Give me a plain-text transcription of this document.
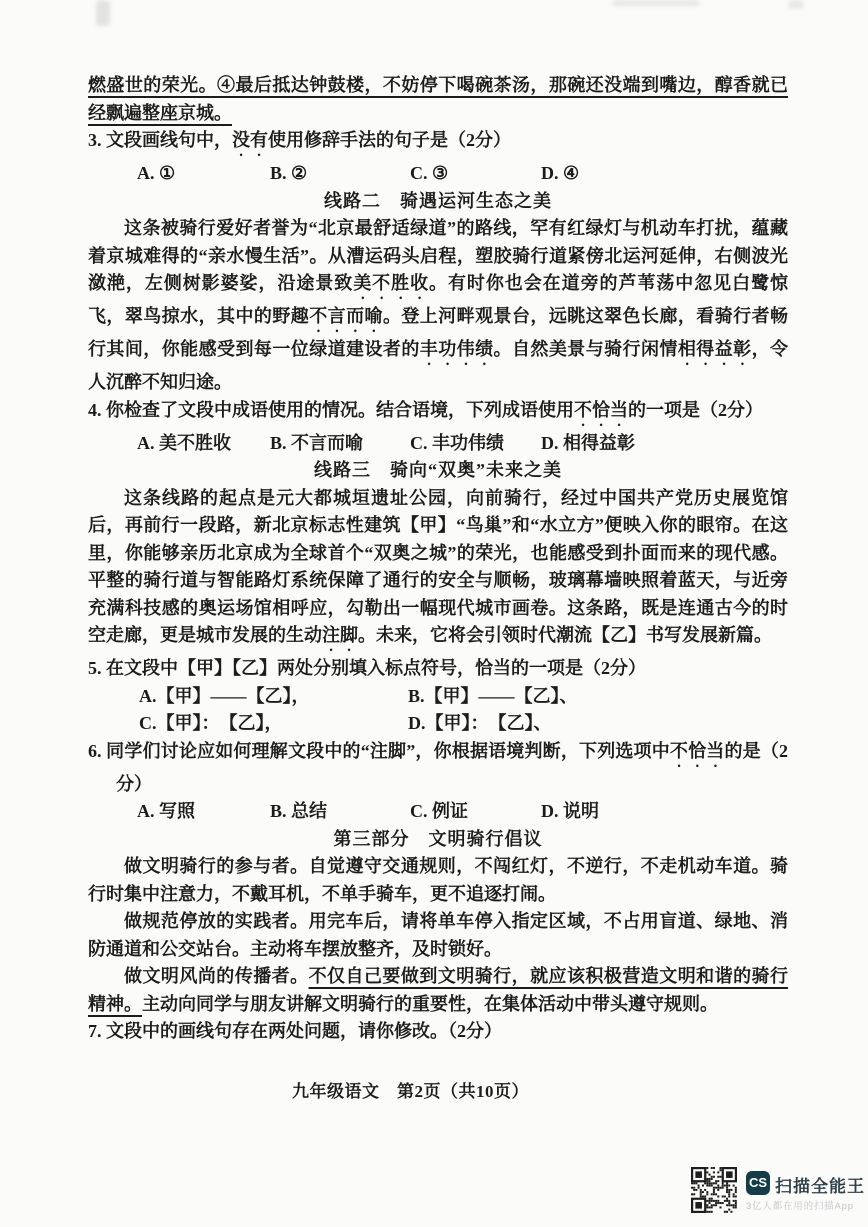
燃盛世的荣光。④最后抵达钟鼓楼，不妨停下喝碗茶汤，那碗还没端到嘴边，醇香就已经飘遍整座京城。

3. 文段画线句中，没有使用修辞手法的句子是（2分）

A. ①	B. ②	C. ③	D. ④

线路二　骑遇运河生态之美

这条被骑行爱好者誉为“北京最舒适绿道”的路线，罕有红绿灯与机动车打扰，蕴藏着京城难得的“亲水慢生活”。从漕运码头启程，塑胶骑行道紧傍北运河延伸，右侧波光潋滟，左侧树影婆娑，沿途景致美不胜收。有时你也会在道旁的芦苇荡中忽见白鹭惊飞，翠鸟掠水，其中的野趣不言而喻。登上河畔观景台，远眺这翠色长廊，看骑行者畅行其间，你能感受到每一位绿道建设者的丰功伟绩。自然美景与骑行闲情相得益彰，令人沉醉不知归途。

4. 你检查了文段中成语使用的情况。结合语境，下列成语使用不恰当的一项是（2分）

A. 美不胜收	B. 不言而喻	C. 丰功伟绩	D. 相得益彰

线路三　骑向“双奥”未来之美

这条线路的起点是元大都城垣遗址公园，向前骑行，经过中国共产党历史展览馆后，再前行一段路，新北京标志性建筑【甲】“鸟巢”和“水立方”便映入你的眼帘。在这里，你能够亲历北京成为全球首个“双奥之城”的荣光，也能感受到扑面而来的现代感。平整的骑行道与智能路灯系统保障了通行的安全与顺畅，玻璃幕墙映照着蓝天，与近旁充满科技感的奥运场馆相呼应，勾勒出一幅现代城市画卷。这条路，既是连通古今的时空走廊，更是城市发展的生动注脚。未来，它将会引领时代潮流【乙】书写发展新篇。

5. 在文段中【甲】【乙】两处分别填入标点符号，恰当的一项是（2分）

A.【甲】——【乙】，	B.【甲】——【乙】、
C.【甲】：　【乙】，	D.【甲】：　【乙】、

6. 同学们讨论应如何理解文段中的“注脚”，你根据语境判断，下列选项中不恰当的是（2分）

A. 写照	B. 总结	C. 例证	D. 说明

第三部分　文明骑行倡议

做文明骑行的参与者。自觉遵守交通规则，不闯红灯，不逆行，不走机动车道。骑行时集中注意力，不戴耳机，不单手骑车，更不追逐打闹。

做规范停放的实践者。用完车后，请将单车停入指定区域，不占用盲道、绿地、消防通道和公交站台。主动将车摆放整齐，及时锁好。

做文明风尚的传播者。不仅自己要做到文明骑行，就应该积极营造文明和谐的骑行精神。主动向同学与朋友讲解文明骑行的重要性，在集体活动中带头遵守规则。

7. 文段中的画线句存在两处问题，请你修改。（2分）

九年级语文　第2页（共10页）
CS 扫描全能王
3亿人都在用的扫描App
